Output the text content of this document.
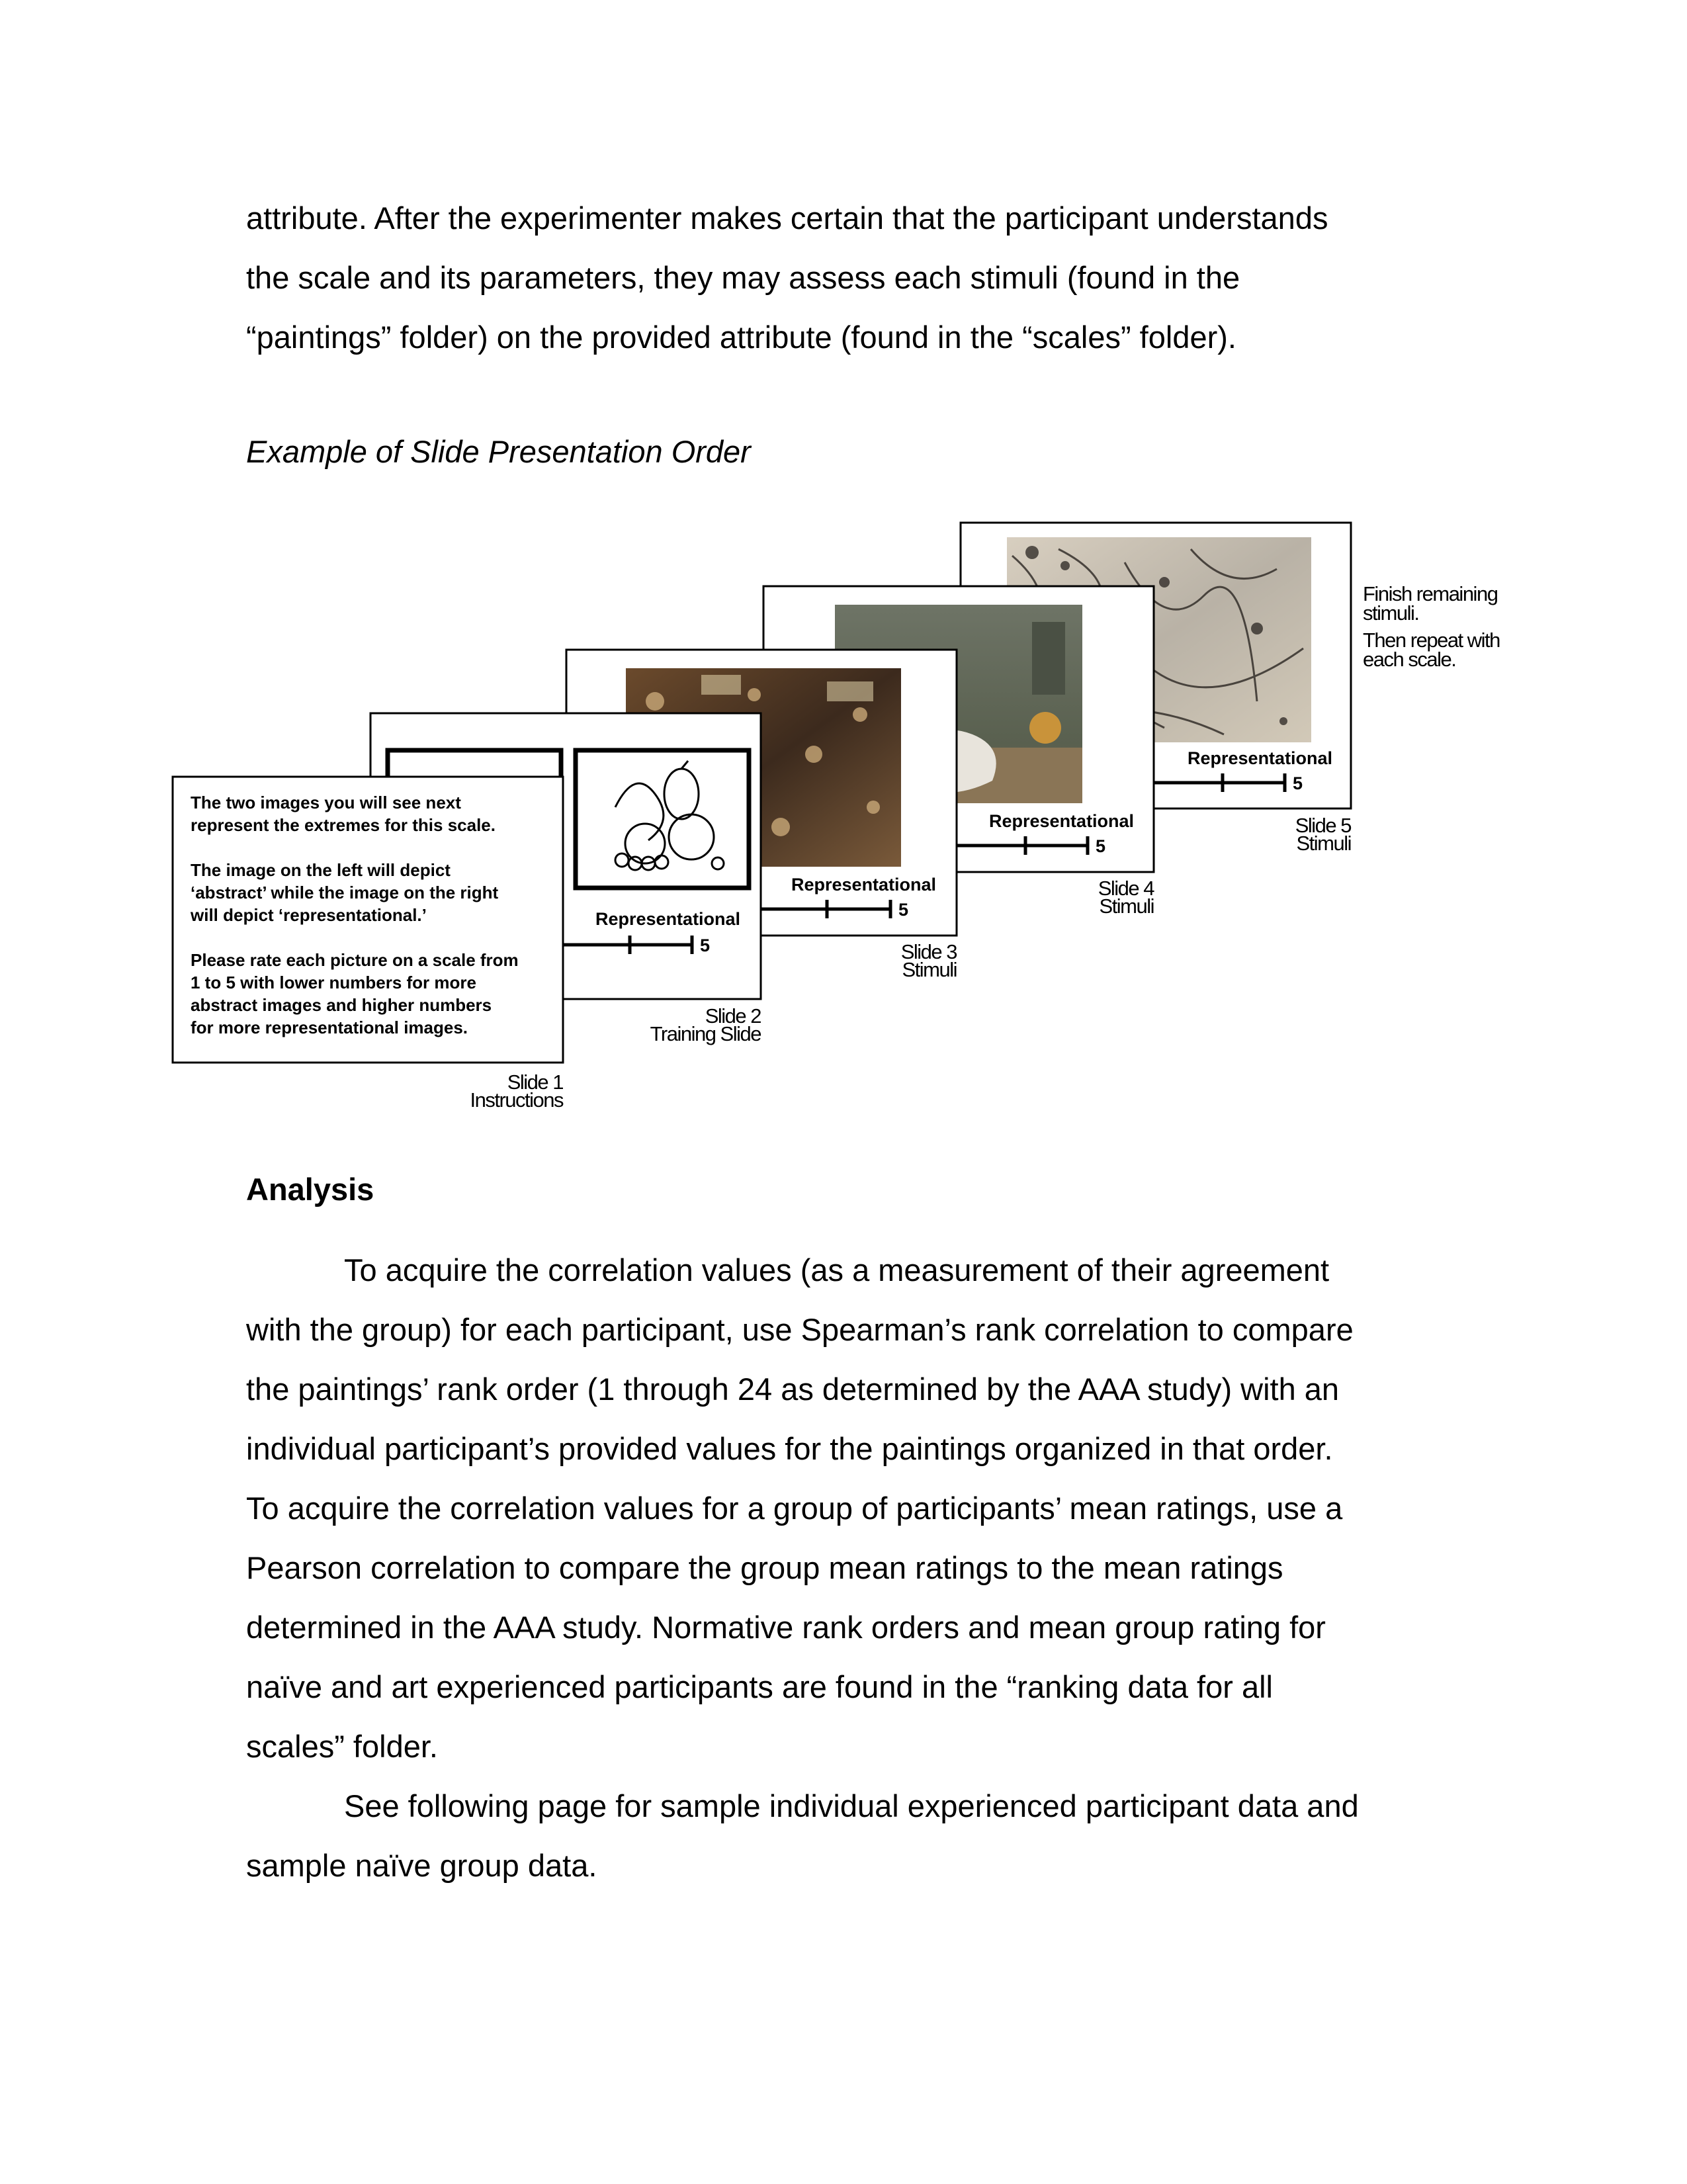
attribute. After the experimenter makes certain that the participant understands
the scale and its parameters, they may assess each stimuli (found in the
“paintings” folder) on the provided attribute (found in the “scales” folder).

Example of Slide Presentation Order

Representational
5
Slide 5
Stimuli
Representational
5
Slide 4
Stimuli
Representational
5
Slide 3
Stimuli
Representational
5
Slide 2
Training Slide
The two images you will see next
represent the extremes for this scale.
The image on the left will depict
‘abstract’ while the image on the right
will depict ‘representational.’
Please rate each picture on a scale from
1 to 5 with lower numbers for more
abstract images and higher numbers
for more representational images.
Slide 1
Instructions
Finish remaining
stimuli.
Then repeat with
each scale.

Analysis

To acquire the correlation values (as a measurement of their agreement
with the group) for each participant, use Spearman’s rank correlation to compare
the paintings’ rank order (1 through 24 as determined by the AAA study) with an
individual participant’s provided values for the paintings organized in that order.
To acquire the correlation values for a group of participants’ mean ratings, use a
Pearson correlation to compare the group mean ratings to the mean ratings
determined in the AAA study. Normative rank orders and mean group rating for
naïve and art experienced participants are found in the “ranking data for all
scales” folder.
See following page for sample individual experienced participant data and
sample naïve group data.
